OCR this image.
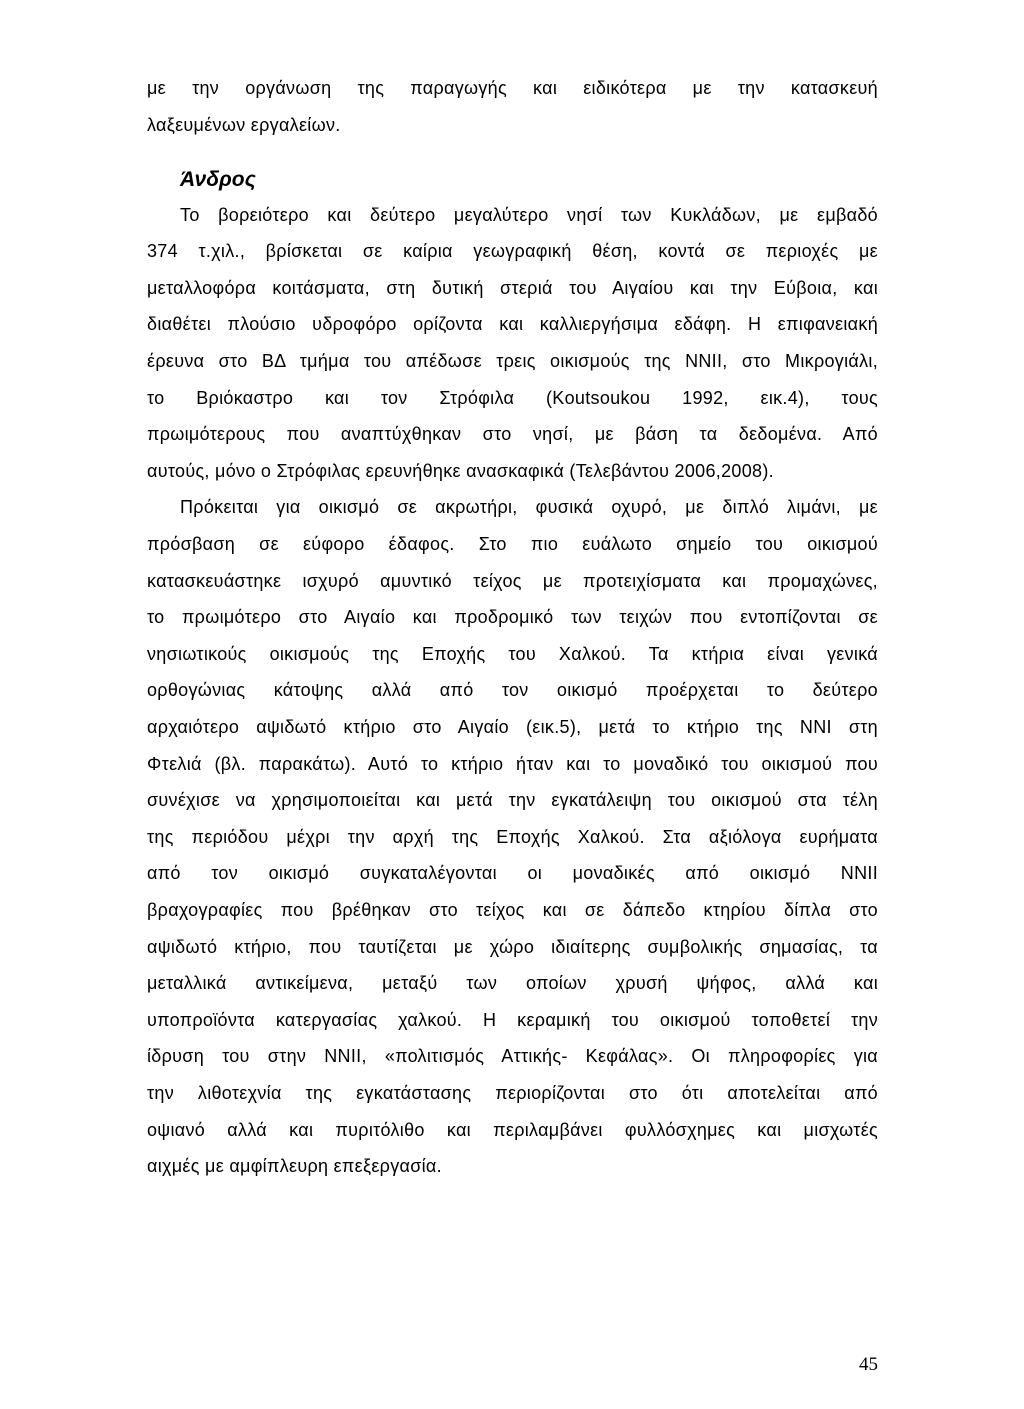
με την οργάνωση της παραγωγής και ειδικότερα με την κατασκευή
λαξευμένων εργαλείων.
Άνδρος
Το βορειότερο και δεύτερο μεγαλύτερο νησί των Κυκλάδων, με εμβαδό
374 τ.χιλ., βρίσκεται σε καίρια γεωγραφική θέση, κοντά σε περιοχές με
μεταλλοφόρα κοιτάσματα, στη δυτική στεριά του Αιγαίου και την Εύβοια, και
διαθέτει πλούσιο υδροφόρο ορίζοντα και καλλιεργήσιμα εδάφη. Η επιφανειακή
έρευνα στο ΒΔ τμήμα του απέδωσε τρεις οικισμούς της ΝΝΙΙ, στο Μικρογιάλι,
το Βριόκαστρο και τον Στρόφιλα (Koutsoukou 1992, εικ.4), τους
πρωιμότερους που αναπτύχθηκαν στο νησί, με βάση τα δεδομένα. Από
αυτούς, μόνο ο Στρόφιλας ερευνήθηκε ανασκαφικά (Τελεβάντου 2006,2008).
Πρόκειται για οικισμό σε ακρωτήρι, φυσικά οχυρό, με διπλό λιμάνι, με
πρόσβαση σε εύφορο έδαφος. Στο πιο ευάλωτο σημείο του οικισμού
κατασκευάστηκε ισχυρό αμυντικό τείχος με προτειχίσματα και προμαχώνες,
το πρωιμότερο στο Αιγαίο και προδρομικό των τειχών που εντοπίζονται σε
νησιωτικούς οικισμούς της Εποχής του Χαλκού. Τα κτήρια είναι γενικά
ορθογώνιας κάτοψης αλλά από τον οικισμό προέρχεται το δεύτερο
αρχαιότερο αψιδωτό κτήριο στο Αιγαίο (εικ.5), μετά το κτήριο της ΝΝΙ στη
Φτελιά (βλ. παρακάτω). Αυτό το κτήριο ήταν και το μοναδικό του οικισμού που
συνέχισε να χρησιμοποιείται και μετά την εγκατάλειψη του οικισμού στα τέλη
της περιόδου μέχρι την αρχή της Εποχής Χαλκού. Στα αξιόλογα ευρήματα
από τον οικισμό συγκαταλέγονται οι μοναδικές από οικισμό ΝΝΙΙ
βραχογραφίες που βρέθηκαν στο τείχος και σε δάπεδο κτηρίου δίπλα στο
αψιδωτό κτήριο, που ταυτίζεται με χώρο ιδιαίτερης συμβολικής σημασίας, τα
μεταλλικά αντικείμενα, μεταξύ των οποίων χρυσή ψήφος, αλλά και
υποπροϊόντα κατεργασίας χαλκού. Η κεραμική του οικισμού τοποθετεί την
ίδρυση του στην ΝΝΙΙ, «πολιτισμός Αττικής- Κεφάλας». Οι πληροφορίες για
την λιθοτεχνία της εγκατάστασης περιορίζονται στο ότι αποτελείται από
οψιανό αλλά και πυριτόλιθο και περιλαμβάνει φυλλόσχημες και μισχωτές
αιχμές με αμφίπλευρη επεξεργασία.
45
